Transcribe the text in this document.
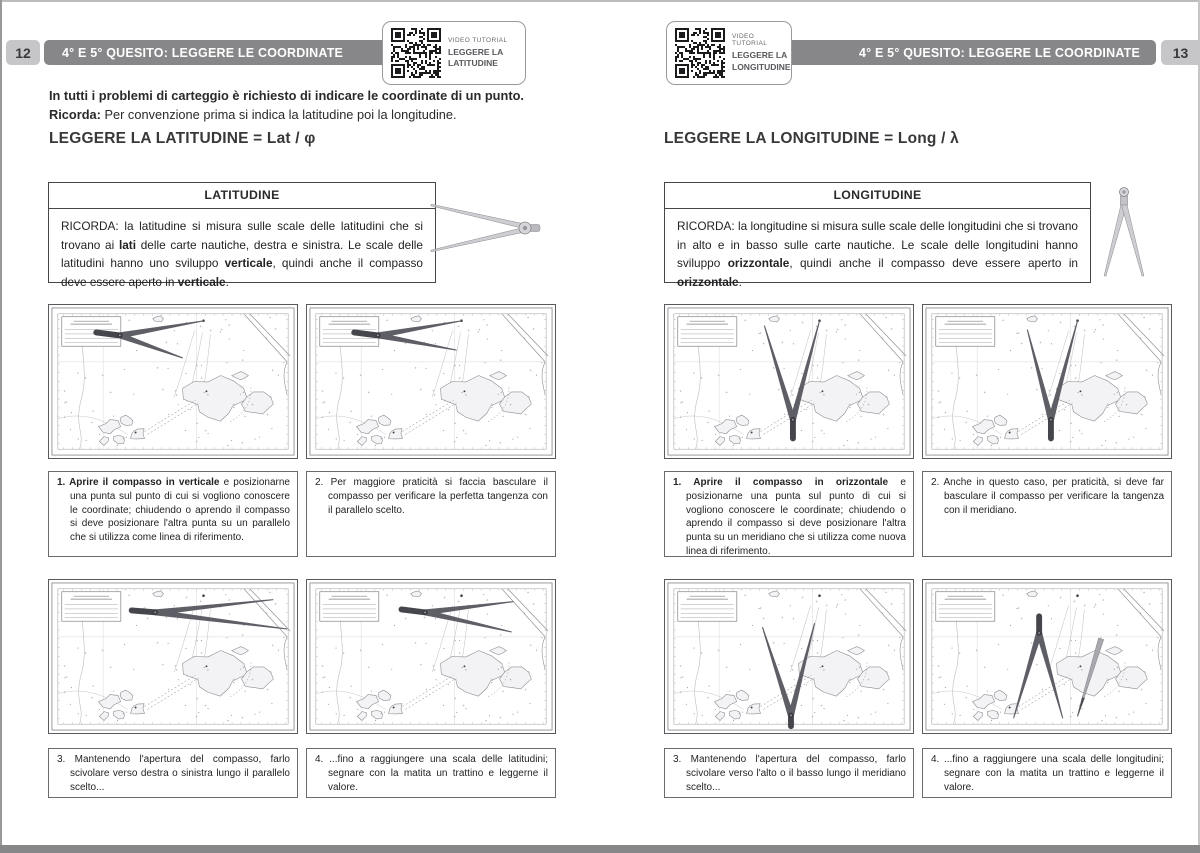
12	4° E 5° QUESITO: LEGGERE LE COORDINATE
VIDEO TUTORIAL
LEGGERE LA
LATITUDINE
In tutti i problemi di carteggio è richiesto di indicare le coordinate di un punto.
Ricorda: Per convenzione prima si indica la latitudine poi la longitudine.
LEGGERE LA LATITUDINE = Lat / φ
LATITUDINE
RICORDA: la latitudine si misura sulle scale delle latitudini che si trovano ai lati delle carte nautiche, destra e sinistra. Le scale delle latitudini hanno uno sviluppo verticale, quindi anche il compasso deve essere aperto in verticale.
1. Aprire il compasso in verticale e posizionarne una punta sul punto di cui si vogliono conoscere le coordinate; chiudendo o aprendo il compasso si deve posizionare l'altra punta su un parallelo che si utilizza come linea di riferimento.
2. Per maggiore praticità si faccia basculare il compasso per verificare la perfetta tangenza con il parallelo scelto.
3. Mantenendo l'apertura del compasso, farlo scivolare verso destra o sinistra lungo il parallelo scelto...
4. ...fino a raggiungere una scala delle latitudini; segnare con la matita un trattino e leggerne il valore.
VIDEO TUTORIAL
LEGGERE LA
LONGITUDINE
4° E 5° QUESITO: LEGGERE LE COORDINATE	13
LEGGERE LA LONGITUDINE = Long / λ
LONGITUDINE
RICORDA: la longitudine si misura sulle scale delle longitudini che si trovano in alto e in basso sulle carte nautiche. Le scale delle longitudini hanno sviluppo orizzontale, quindi anche il compasso deve essere aperto in orizzontale.
1. Aprire il compasso in orizzontale e posizionarne una punta sul punto di cui si vogliono conoscere le coordinate; chiudendo o aprendo il compasso si deve posizionare l'altra punta su un meridiano che si utilizza come nuova linea di riferimento.
2. Anche in questo caso, per praticità, si deve far basculare il compasso per verificare la tangenza con il meridiano.
3. Mantenendo l'apertura del compasso, farlo scivolare verso l'alto o il basso lungo il meridiano scelto...
4. ...fino a raggiungere una scala delle longitudini; segnare con la matita un trattino e leggerne il valore.
